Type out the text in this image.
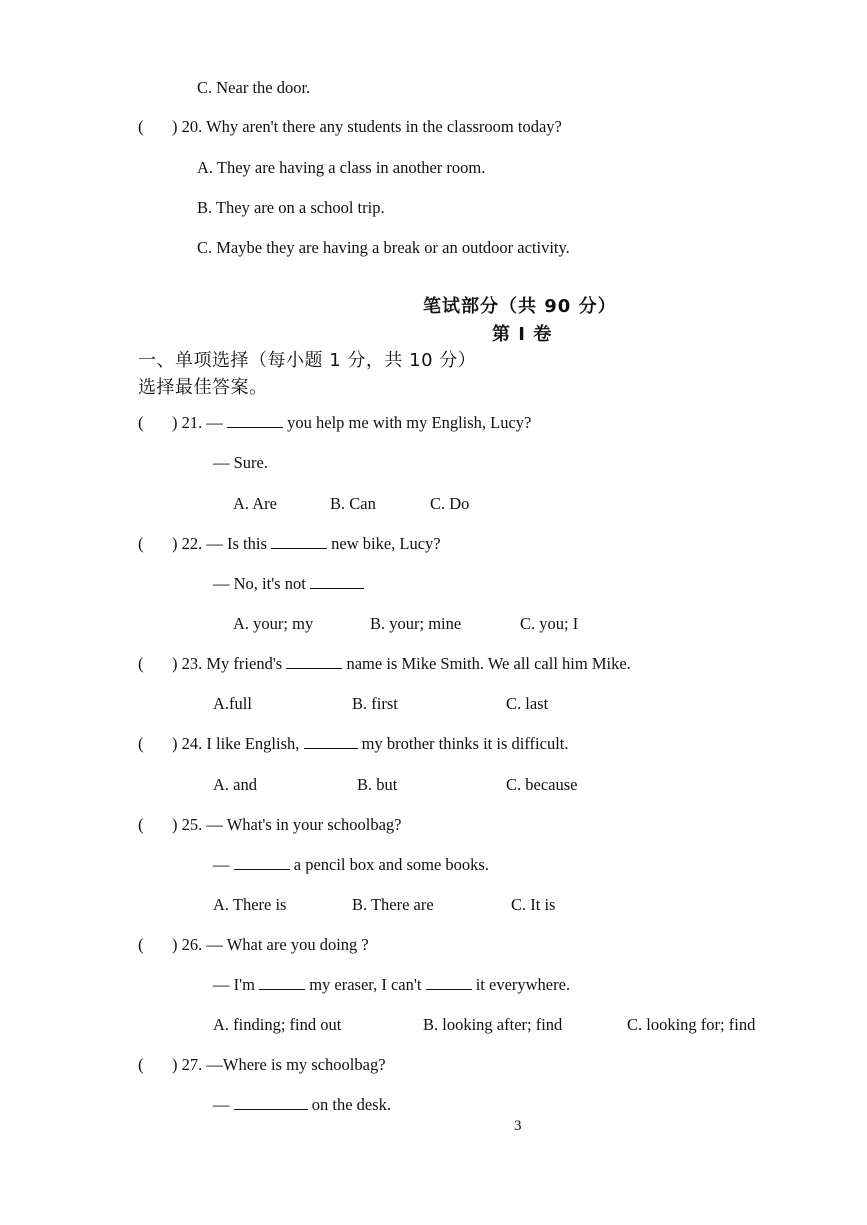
C. Near the door.
( ) 20. Why aren't there any students in the classroom today?
A. They are having a class in another room.
B. They are on a school trip.
C. Maybe they are having a break or an outdoor activity.
笔试部分（共 90 分）
第 I 卷
一、单项选择（每小题 1 分，共 10 分）
选择最佳答案。
( ) 21. —	you help me with my English, Lucy?
— Sure.
A. Are	B. Can	C. Do
( ) 22. — Is this	new bike, Lucy?
— No, it's not
A. your; my	B. your; mine	C. you; I
( ) 23. My friend's	name is Mike Smith. We all call him Mike.
A.full	B. first	C. last
( ) 24. I like English,	my brother thinks it is difficult.
A. and	B. but	C. because
( ) 25. — What's in your schoolbag?
—	a pencil box and some books.
A. There is	B. There are	C. It is
( ) 26. — What are you doing ?
— I'm	my eraser, I can't	it everywhere.
A. finding; find out	B. looking after; find	C. looking for; find
( ) 27. —Where is my schoolbag?
—	on the desk.
3
